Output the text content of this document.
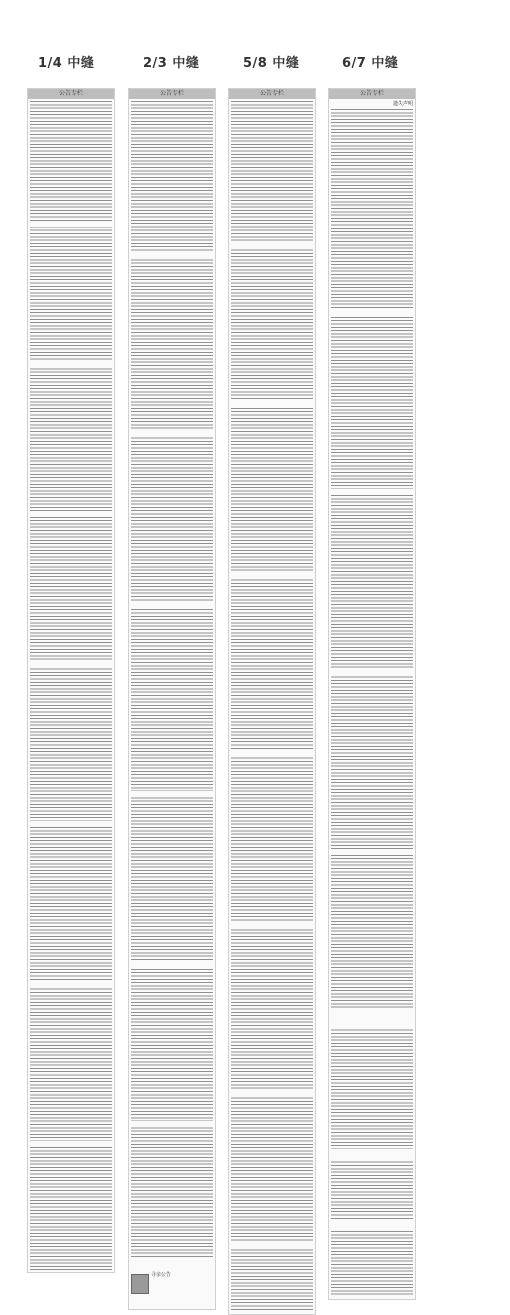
1/4 中缝	2/3 中缝	5/8 中缝	6/7 中缝
公告专栏	公告专栏
寻亲公告
公告专栏	公告专栏
遗失声明
